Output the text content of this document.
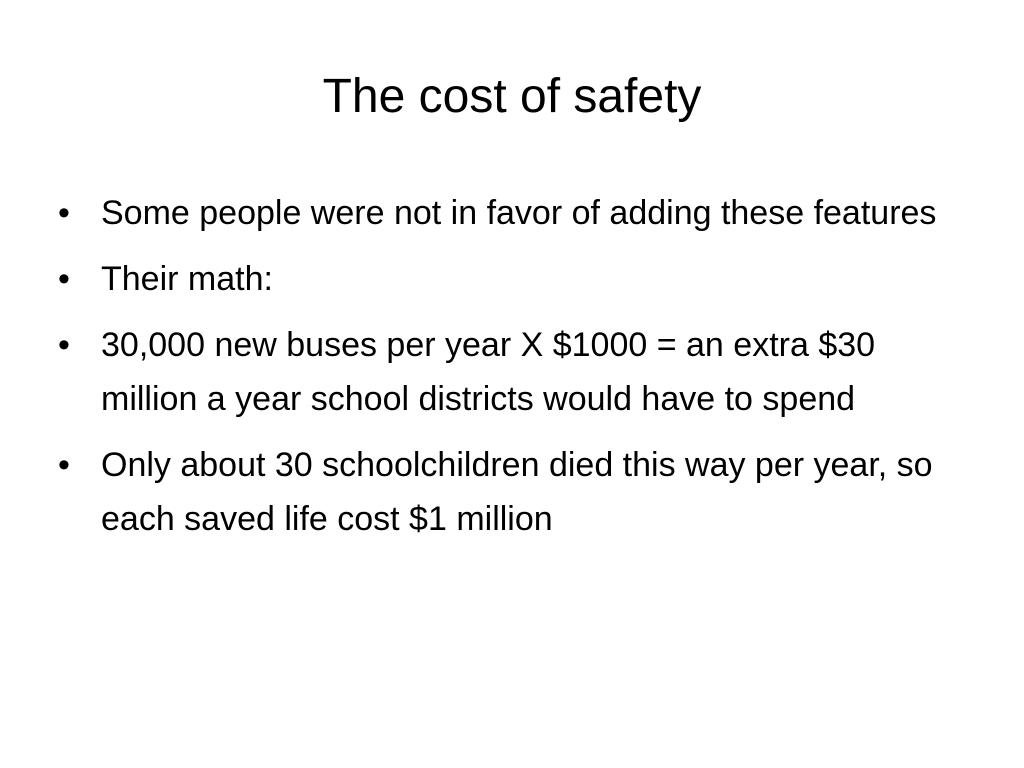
The cost of safety
• Some people were not in favor of adding these features
• Their math:
• 30,000 new buses per year X $1000 = an extra $30 million a year school districts would have to spend
• Only about 30 schoolchildren died this way per year, so each saved life cost $1 million
